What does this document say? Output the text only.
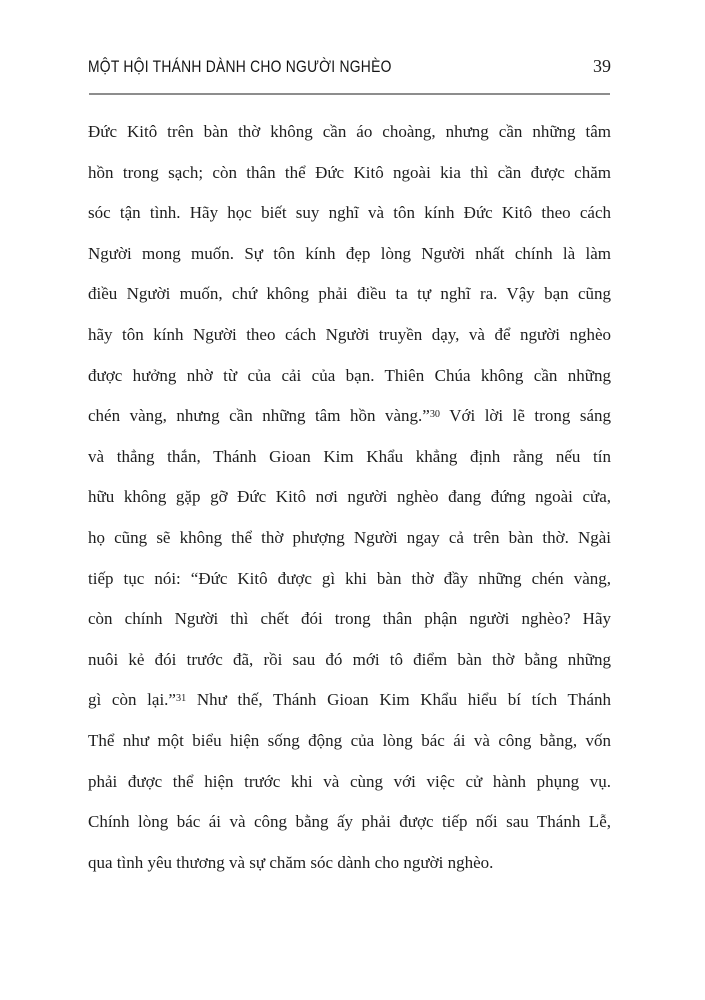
MỘT HỘI THÁNH DÀNH CHO NGƯỜI NGHÈO	39
Đức Kitô trên bàn thờ không cần áo choàng, nhưng cần những tâm
hồn trong sạch; còn thân thể Đức Kitô ngoài kia thì cần được chăm
sóc tận tình. Hãy học biết suy nghĩ và tôn kính Đức Kitô theo cách
Người mong muốn. Sự tôn kính đẹp lòng Người nhất chính là làm
điều Người muốn, chứ không phải điều ta tự nghĩ ra. Vậy bạn cũng
hãy tôn kính Người theo cách Người truyền dạy, và để người nghèo
được hưởng nhờ từ của cải của bạn. Thiên Chúa không cần những
chén vàng, nhưng cần những tâm hồn vàng.”$^{30}$ Với lời lẽ trong sáng
và thẳng thắn, Thánh Gioan Kim Khẩu khẳng định rằng nếu tín
hữu không gặp gỡ Đức Kitô nơi người nghèo đang đứng ngoài cửa,
họ cũng sẽ không thể thờ phượng Người ngay cả trên bàn thờ. Ngài
tiếp tục nói: “Đức Kitô được gì khi bàn thờ đầy những chén vàng,
còn chính Người thì chết đói trong thân phận người nghèo? Hãy
nuôi kẻ đói trước đã, rồi sau đó mới tô điểm bàn thờ bằng những
gì còn lại.”$^{31}$ Như thế, Thánh Gioan Kim Khẩu hiểu bí tích Thánh
Thể như một biểu hiện sống động của lòng bác ái và công bằng, vốn
phải được thể hiện trước khi và cùng với việc cử hành phụng vụ.
Chính lòng bác ái và công bằng ấy phải được tiếp nối sau Thánh Lễ,
qua tình yêu thương và sự chăm sóc dành cho người nghèo.
